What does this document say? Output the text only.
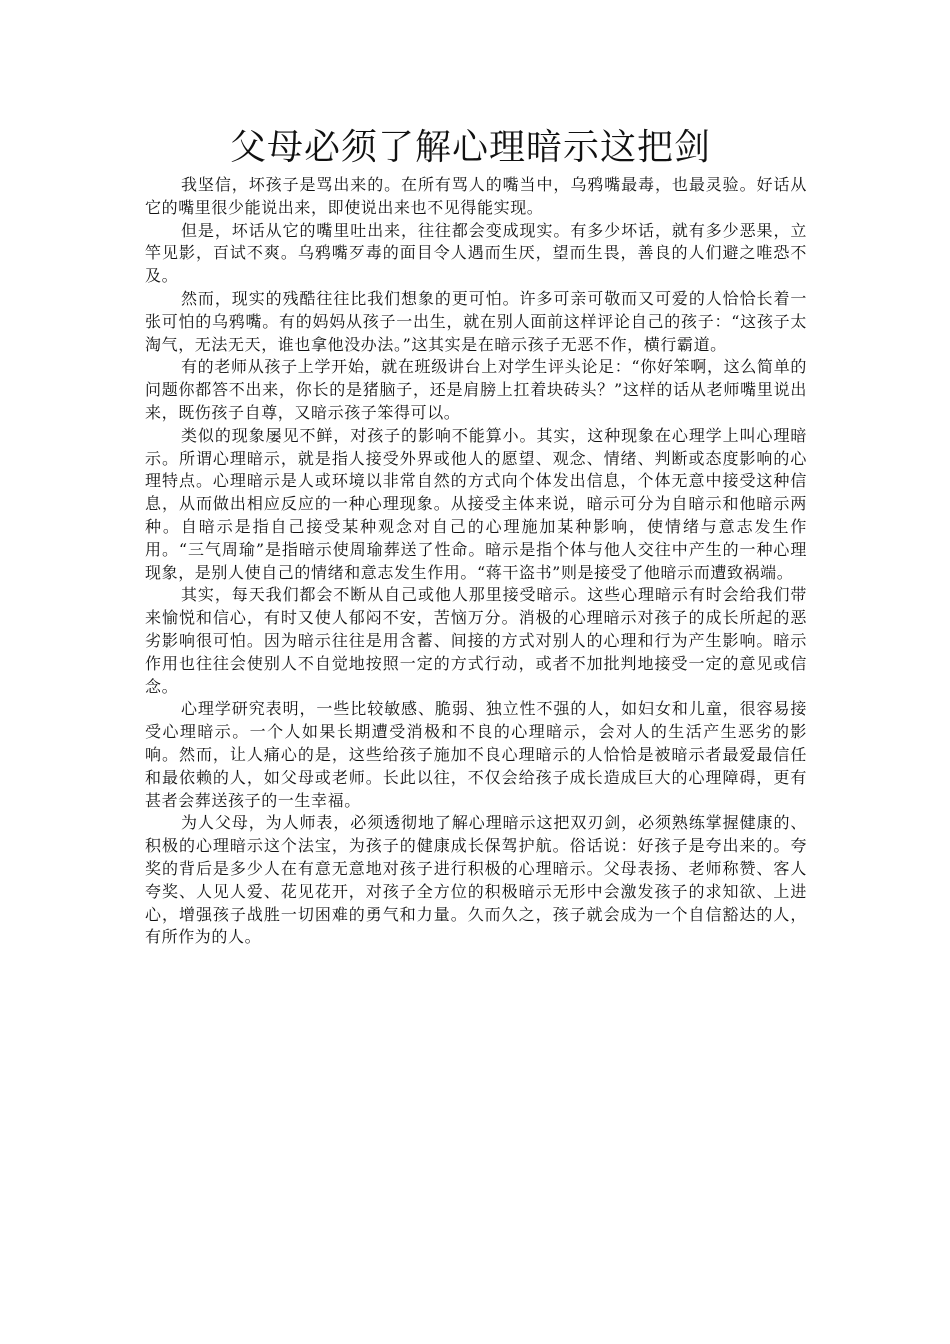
父母必须了解心理暗示这把剑

我坚信，坏孩子是骂出来的。在所有骂人的嘴当中，乌鸦嘴最毒，也最灵验。好话从它的嘴里很少能说出来，即使说出来也不见得能实现。

但是，坏话从它的嘴里吐出来，往往都会变成现实。有多少坏话，就有多少恶果，立竿见影，百试不爽。乌鸦嘴歹毒的面目令人遇而生厌，望而生畏，善良的人们避之唯恐不及。

然而，现实的残酷往往比我们想象的更可怕。许多可亲可敬而又可爱的人恰恰长着一张可怕的乌鸦嘴。有的妈妈从孩子一出生，就在别人面前这样评论自己的孩子：“这孩子太淘气，无法无天，谁也拿他没办法。”这其实是在暗示孩子无恶不作，横行霸道。

有的老师从孩子上学开始，就在班级讲台上对学生评头论足：“你好笨啊，这么简单的问题你都答不出来，你长的是猪脑子，还是肩膀上扛着块砖头？”这样的话从老师嘴里说出来，既伤孩子自尊，又暗示孩子笨得可以。

类似的现象屡见不鲜，对孩子的影响不能算小。其实，这种现象在心理学上叫心理暗示。所谓心理暗示，就是指人接受外界或他人的愿望、观念、情绪、判断或态度影响的心理特点。心理暗示是人或环境以非常自然的方式向个体发出信息，个体无意中接受这种信息，从而做出相应反应的一种心理现象。从接受主体来说，暗示可分为自暗示和他暗示两种。自暗示是指自己接受某种观念对自己的心理施加某种影响，使情绪与意志发生作用。“三气周瑜”是指暗示使周瑜葬送了性命。暗示是指个体与他人交往中产生的一种心理现象，是别人使自己的情绪和意志发生作用。“蒋干盗书”则是接受了他暗示而遭致祸端。

其实，每天我们都会不断从自己或他人那里接受暗示。这些心理暗示有时会给我们带来愉悦和信心，有时又使人郁闷不安，苦恼万分。消极的心理暗示对孩子的成长所起的恶劣影响很可怕。因为暗示往往是用含蓄、间接的方式对别人的心理和行为产生影响。暗示作用也往往会使别人不自觉地按照一定的方式行动，或者不加批判地接受一定的意见或信念。

心理学研究表明，一些比较敏感、脆弱、独立性不强的人，如妇女和儿童，很容易接受心理暗示。一个人如果长期遭受消极和不良的心理暗示，会对人的生活产生恶劣的影响。然而，让人痛心的是，这些给孩子施加不良心理暗示的人恰恰是被暗示者最爱最信任和最依赖的人，如父母或老师。长此以往，不仅会给孩子成长造成巨大的心理障碍，更有甚者会葬送孩子的一生幸福。

为人父母，为人师表，必须透彻地了解心理暗示这把双刃剑，必须熟练掌握健康的、积极的心理暗示这个法宝，为孩子的健康成长保驾护航。俗话说：好孩子是夸出来的。夸奖的背后是多少人在有意无意地对孩子进行积极的心理暗示。父母表扬、老师称赞、客人夸奖、人见人爱、花见花开，对孩子全方位的积极暗示无形中会激发孩子的求知欲、上进心，增强孩子战胜一切困难的勇气和力量。久而久之，孩子就会成为一个自信豁达的人，有所作为的人。
